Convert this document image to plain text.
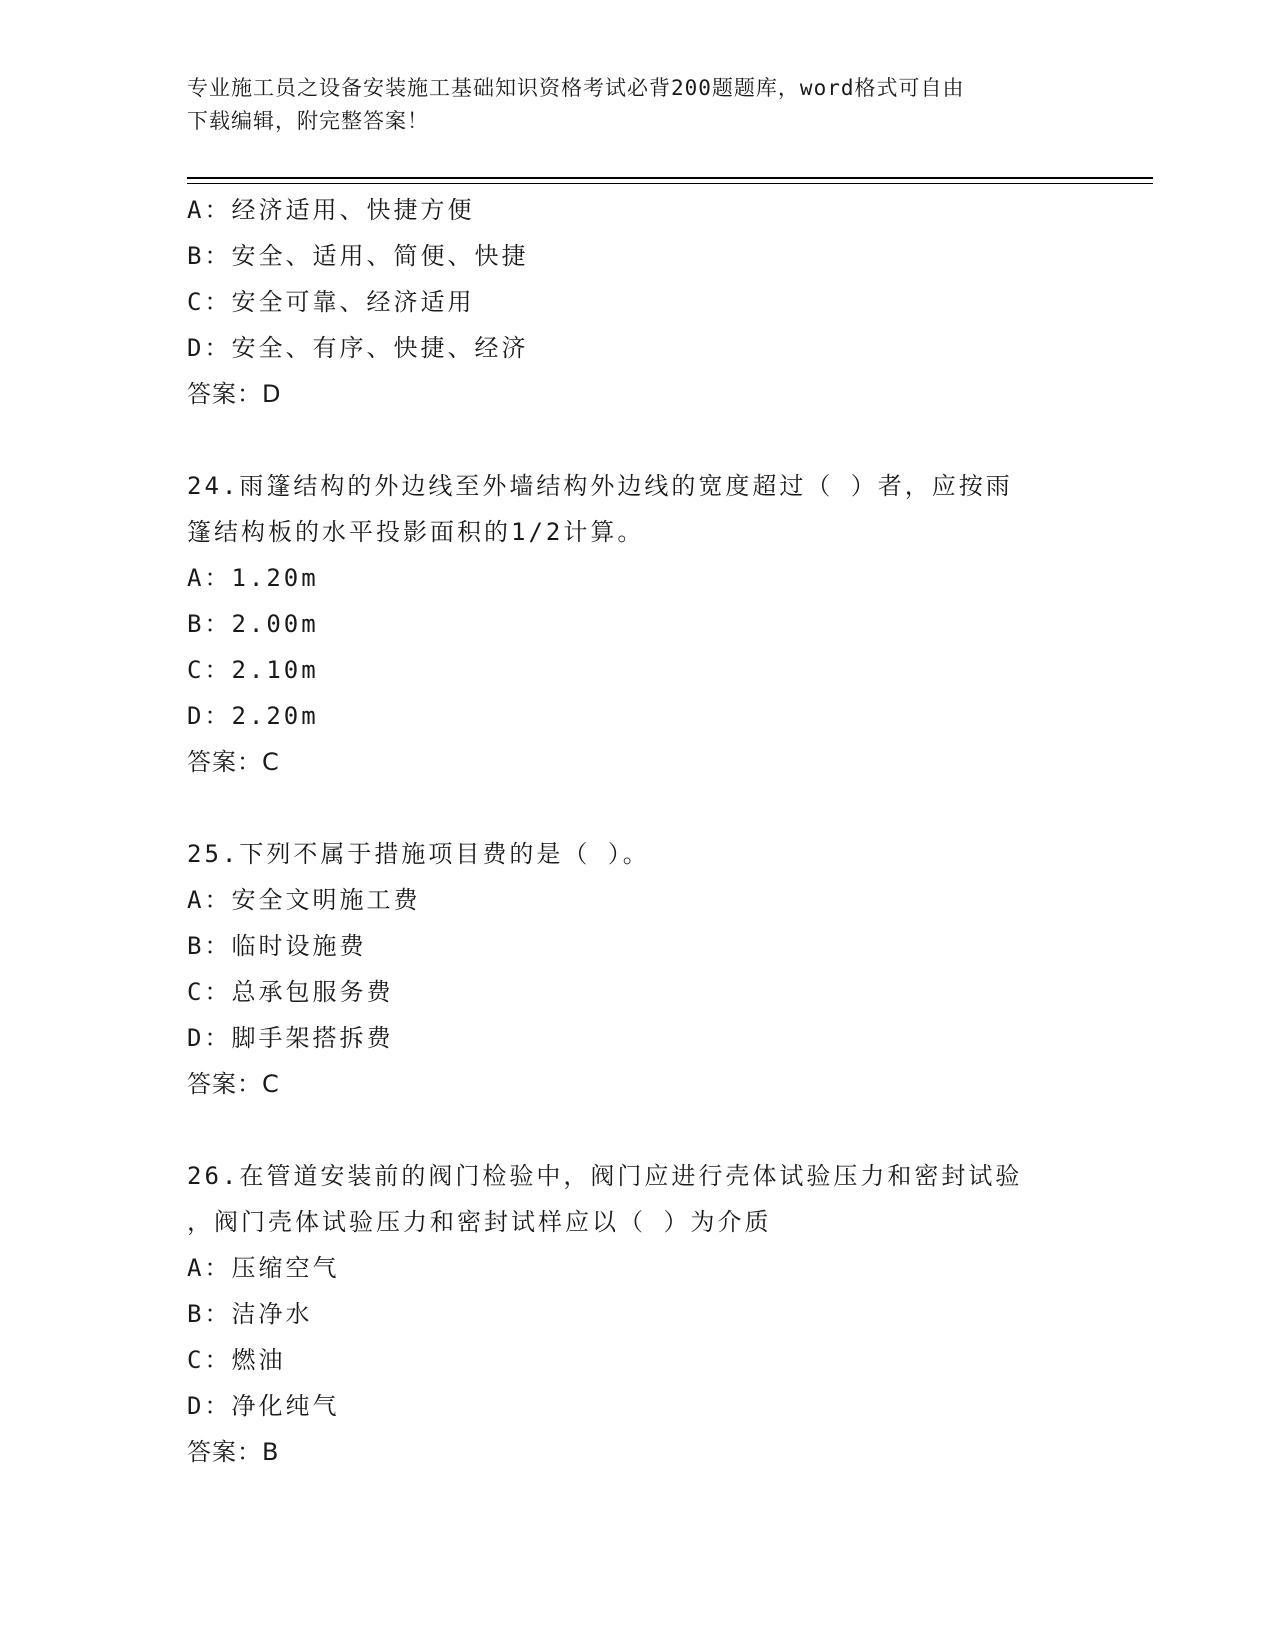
专业施工员之设备安装施工基础知识资格考试必背200题题库，word格式可自由
下载编辑，附完整答案！
A：经济适用、快捷方便
B：安全、适用、简便、快捷
C：安全可靠、经济适用
D：安全、有序、快捷、经济
答案：D
24.雨篷结构的外边线至外墙结构外边线的宽度超过（ ）者，应按雨
篷结构板的水平投影面积的1/2计算。
A：1.20m
B：2.00m
C：2.10m
D：2.20m
答案：C
25.下列不属于措施项目费的是（ ）。
A：安全文明施工费
B：临时设施费
C：总承包服务费
D：脚手架搭拆费
答案：C
26.在管道安装前的阀门检验中，阀门应进行壳体试验压力和密封试验
，阀门壳体试验压力和密封试样应以（ ）为介质
A：压缩空气
B：洁净水
C：燃油
D：净化纯气
答案：B
